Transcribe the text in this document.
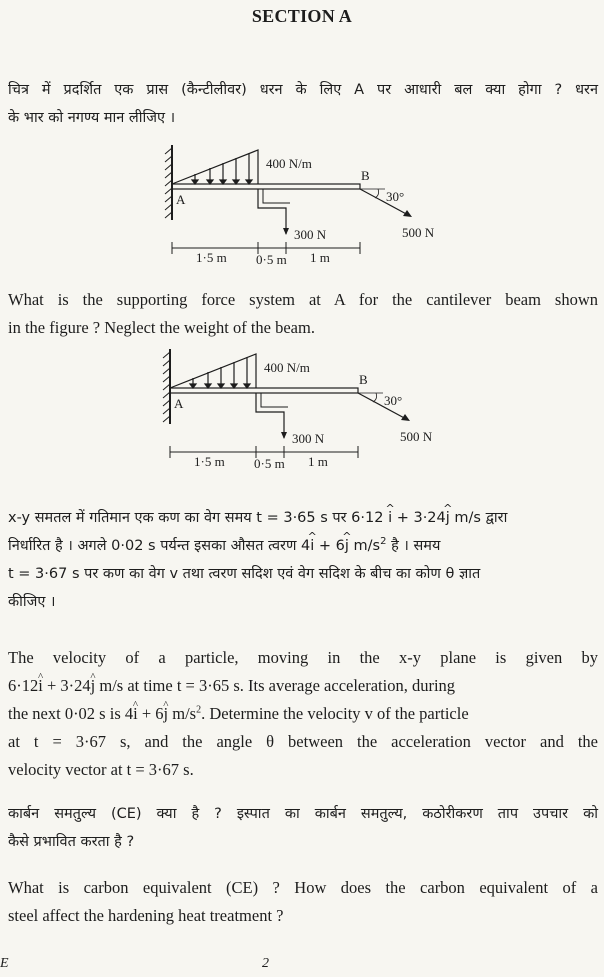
SECTION A
चित्र में प्रदर्शित एक प्रास (कैन्टीलीवर) धरन के लिए A पर आधारी बल क्या होगा ? धरन
के भार को नगण्य मान लीजिए ।
400 N/m
A
B
30°
300 N	500 N
1·5 m 0·5 m 1 m
What is the supporting force system at A for the cantilever beam shown
in the figure ? Neglect the weight of the beam.
400 N/m
A
B
30°
300 N	500 N
1·5 m 0·5 m 1 m
x-y समतल में गतिमान एक कण का वेग समय t = 3·65 s पर 6·12 ^ i + 3·24^ j m/s द्वारा
निर्धारित है । अगले 0·02 s पर्यन्त इसका औसत त्वरण 4^ i + 6^ j $m/s^2$ है । समय
t = 3·67 s पर कण का वेग v तथा त्वरण सदिश एवं वेग सदिश के बीच का कोण θ ज्ञात
कीजिए ।
The velocity of a particle, moving in the x-y plane is given by
6·12^ i + 3·24^ j m/s at time t = 3·65 s. Its average acceleration, during
the next 0·02 s is 4^ i + 6^ j $m/s^2$. Determine the velocity v of the particle
at t = 3·67 s, and the angle θ between the acceleration vector and the
velocity vector at t = 3·67 s.
कार्बन समतुल्य (CE) क्या है ? इस्पात का कार्बन समतुल्य, कठोरीकरण ताप उपचार को
कैसे प्रभावित करता है ?
What is carbon equivalent (CE) ? How does the carbon equivalent of a
steel affect the hardening heat treatment ?
E	2
